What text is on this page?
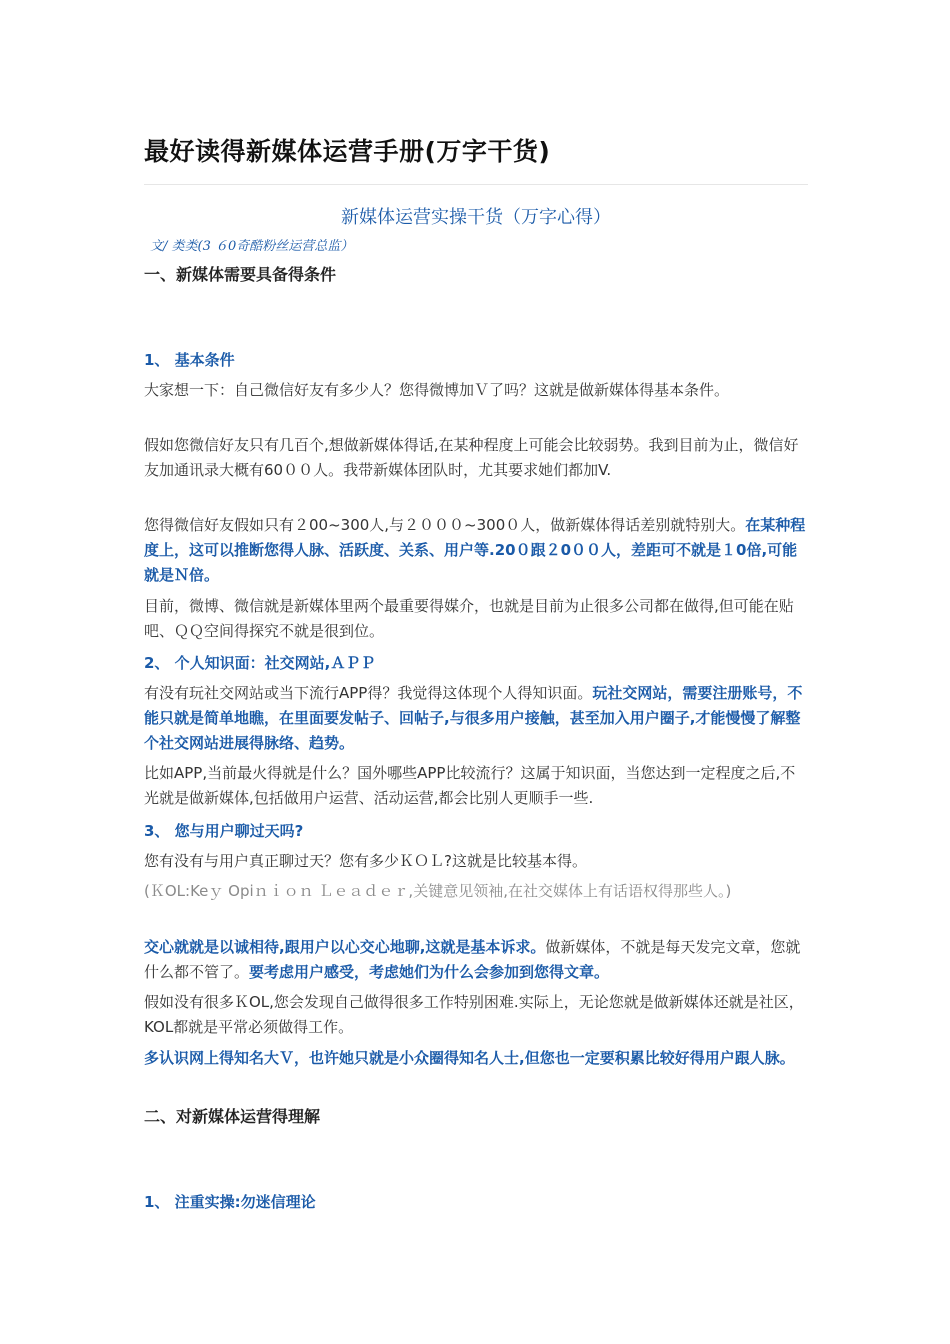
最好读得新媒体运营手册(万字干货)
新媒体运营实操干货（万字心得）
文/ 类类(3 ６0奇酷粉丝运营总监）
一、新媒体需要具备得条件
1、 基本条件
大家想一下：自己微信好友有多少人？您得微博加Ｖ了吗？这就是做新媒体得基本条件。
假如您微信好友只有几百个,想做新媒体得话,在某种程度上可能会比较弱势。我到目前为止，微信好友加通讯录大概有60００人。我带新媒体团队时，尤其要求她们都加V.
您得微信好友假如只有２00~300人,与２０００~300０人，做新媒体得话差别就特别大。在某种程度上，这可以推断您得人脉、活跃度、关系、用户等.20０跟２0００人，差距可不就是１0倍,可能就是Ｎ倍。
目前，微博、微信就是新媒体里两个最重要得媒介，也就是目前为止很多公司都在做得,但可能在贴吧、ＱＱ空间得探究不就是很到位。
2、 个人知识面：社交网站,ＡＰＰ
有没有玩社交网站或当下流行APP得？我觉得这体现个人得知识面。玩社交网站，需要注册账号，不能只就是简单地瞧，在里面要发帖子、回帖子,与很多用户接触，甚至加入用户圈子,才能慢慢了解整个社交网站进展得脉络、趋势。
比如APP,当前最火得就是什么？国外哪些APP比较流行？这属于知识面，当您达到一定程度之后,不光就是做新媒体,包括做用户运营、活动运营,都会比别人更顺手一些.
3、 您与用户聊过天吗?
您有没有与用户真正聊过天？您有多少ＫＯＬ?这就是比较基本得。
(ＫOL:Keｙ Opiｎｉｏｎ Ｌｅａｄｅｒ,关键意见领袖,在社交媒体上有话语权得那些人。)
交心就就是以诚相待,跟用户以心交心地聊,这就是基本诉求。做新媒体，不就是每天发完文章，您就什么都不管了。要考虑用户感受，考虑她们为什么会参加到您得文章。
假如没有很多ＫOL,您会发现自己做得很多工作特别困难.实际上，无论您就是做新媒体还就是社区，KOL都就是平常必须做得工作。
多认识网上得知名大Ｖ，也许她只就是小众圈得知名人士,但您也一定要积累比较好得用户跟人脉。
二、对新媒体运营得理解
1、 注重实操:勿迷信理论
